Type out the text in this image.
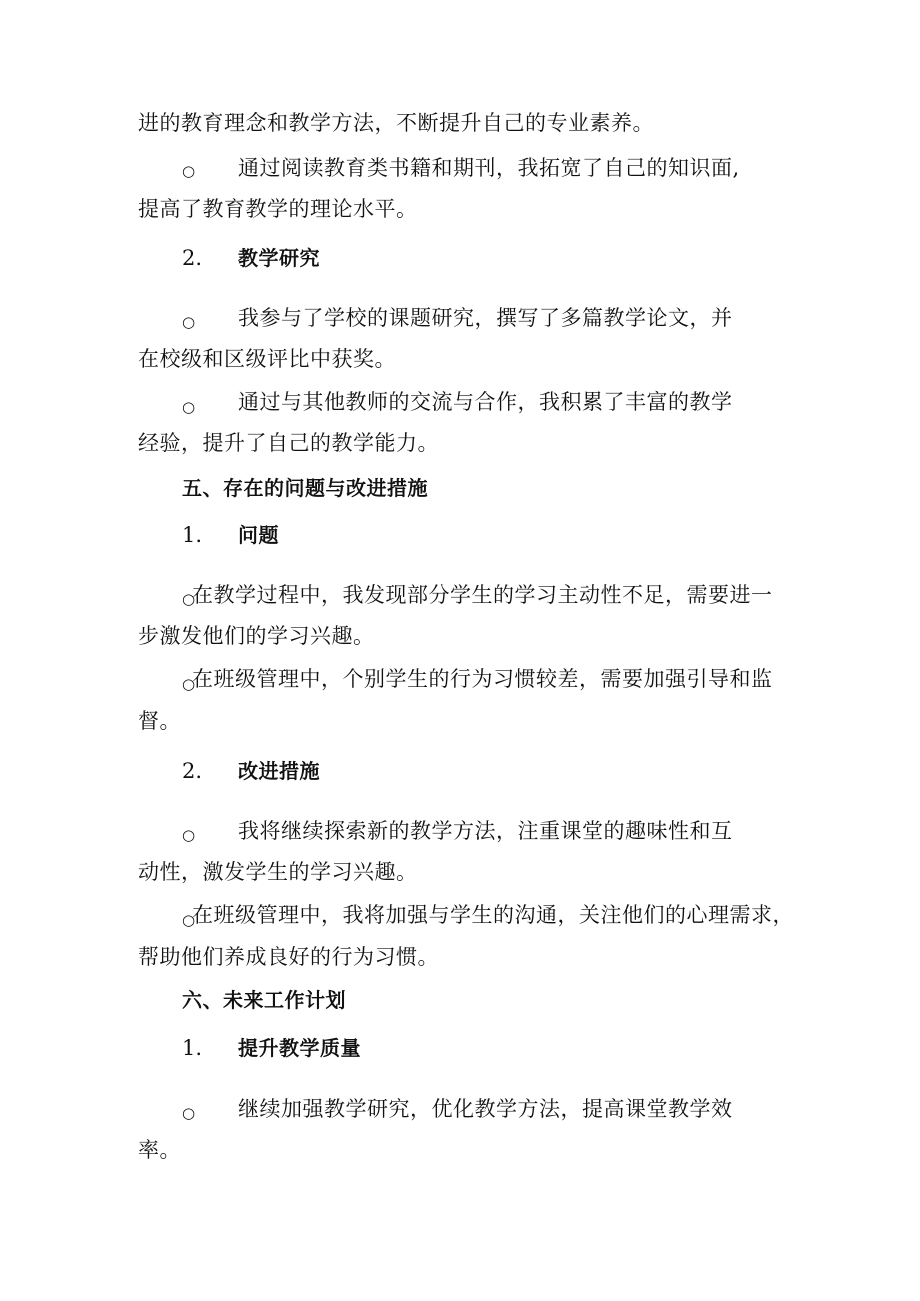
进的教育理念和教学方法，不断提升自己的专业素养。
○ 通过阅读教育类书籍和期刊，我拓宽了自己的知识面,
提高了教育教学的理论水平。
2. 教学研究
○ 我参与了学校的课题研究，撰写了多篇教学论文，并
在校级和区级评比中获奖。
○ 通过与其他教师的交流与合作，我积累了丰富的教学
经验，提升了自己的教学能力。
五、存在的问题与改进措施
1. 问题
○
在教学过程中，我发现部分学生的学习主动性不足，需要进一
步激发他们的学习兴趣。
○
在班级管理中，个别学生的行为习惯较差，需要加强引导和监
督。
2. 改进措施
○ 我将继续探索新的教学方法，注重课堂的趣味性和互
动性，激发学生的学习兴趣。
○
在班级管理中，我将加强与学生的沟通，关注他们的心理需求，
帮助他们养成良好的行为习惯。
六、未来工作计划
1. 提升教学质量
○ 继续加强教学研究，优化教学方法，提高课堂教学效
率。
